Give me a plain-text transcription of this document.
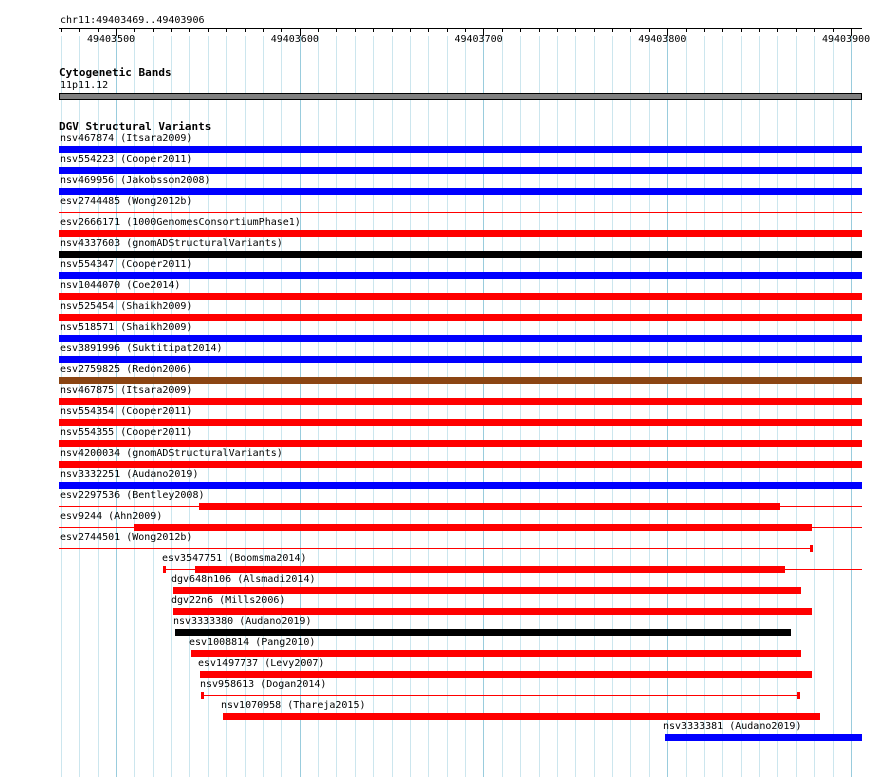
chr11:49403469..49403906
49403500	49403600	49403700	49403800	49403900
Cytogenetic Bands
11p11.12
DGV Structural Variants
nsv467874 (Itsara2009)
nsv554223 (Cooper2011)
nsv469956 (Jakobsson2008)
esv2744485 (Wong2012b)
esv2666171 (1000GenomesConsortiumPhase1)
nsv4337603 (gnomADStructuralVariants)
nsv554347 (Cooper2011)
nsv1044070 (Coe2014)
nsv525454 (Shaikh2009)
nsv518571 (Shaikh2009)
esv3891996 (Suktitipat2014)
esv2759825 (Redon2006)
nsv467875 (Itsara2009)
nsv554354 (Cooper2011)
nsv554355 (Cooper2011)
nsv4200034 (gnomADStructuralVariants)
nsv3332251 (Audano2019)
esv2297536 (Bentley2008)
esv9244 (Ahn2009)
esv2744501 (Wong2012b)
esv3547751 (Boomsma2014)
dgv648n106 (Alsmadi2014)
dgv22n6 (Mills2006)
nsv3333380 (Audano2019)
esv1008814 (Pang2010)
esv1497737 (Levy2007)
nsv958613 (Dogan2014)
nsv1070958 (Thareja2015)
nsv3333381 (Audano2019)
